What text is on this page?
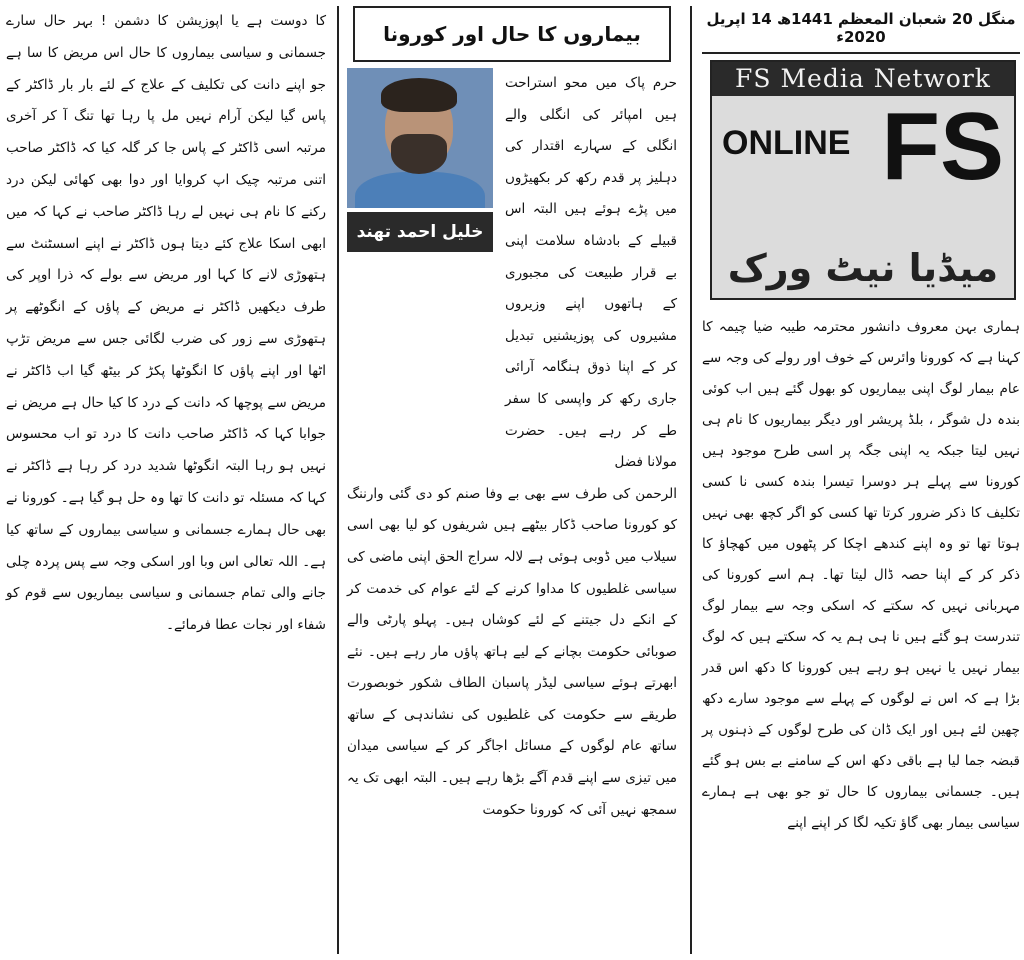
منگل 20 شعبان المعظم 1441ھ 14 اپریل 2020ء
FS Media Network
ONLINE FS
میڈیا نیٹ ورک

ہماری بہن معروف دانشور محترمہ طیبہ ضیا چیمہ کا کہنا ہے کہ کورونا وائرس کے خوف اور رولے کی وجہ سے عام بیمار لوگ اپنی بیماریوں کو بھول گئے ہیں اب کوئی بندہ دل شوگر ، بلڈ پریشر اور دیگر بیماریوں کا نام ہی نہیں لیتا جبکہ یہ اپنی جگہ پر اسی طرح موجود ہیں کورونا سے پہلے ہر دوسرا تیسرا بندہ کسی نا کسی تکلیف کا ذکر ضرور کرتا تھا کسی کو اگر کچھ بھی نہیں ہوتا تھا تو وہ اپنے کندھے اچکا کر پٹھوں میں کھچاؤ کا ذکر کر کے اپنا حصہ ڈال لیتا تھا۔ ہم اسے کورونا کی مہربانی نہیں کہ سکتے کہ اسکی وجہ سے بیمار لوگ تندرست ہو گئے ہیں نا ہی ہم یہ کہ سکتے ہیں کہ لوگ بیمار نہیں یا نہیں ہو رہے ہیں کورونا کا دکھ اس قدر بڑا ہے کہ اس نے لوگوں کے پہلے سے موجود سارے دکھ چھین لئے ہیں اور ایک ڈان کی طرح لوگوں کے ذہنوں پر قبضہ جما لیا ہے باقی دکھ اس کے سامنے بے بس ہو گئے ہیں۔ جسمانی بیماروں کا حال تو جو بھی ہے ہمارے سیاسی بیمار بھی گاؤ تکیہ لگا کر اپنے اپنے

بیماروں کا حال اور کورونا
خلیل احمد تھند

حرم پاک میں محو استراحت ہیں امپائر کی انگلی والے انگلی کے سہارے اقتدار کی دہلیز پر قدم رکھ کر بکھیڑوں میں پڑے ہوئے ہیں البتہ اس قبیلے کے بادشاہ سلامت اپنی بے قرار طبیعت کی مجبوری کے ہاتھوں اپنے وزیروں مشیروں کی پوزیشنیں تبدیل کر کے اپنا ذوق ہنگامہ آرائی جاری رکھ کر واپسی کا سفر طے کر رہے ہیں۔ حضرت مولانا فضل

الرحمن کی طرف سے بھی بے وفا صنم کو دی گئی وارننگ کو کورونا صاحب ڈکار بیٹھے ہیں شریفوں کو لیا بھی اسی سیلاب میں ڈوبی ہوئی ہے لالہ سراج الحق اپنی ماضی کی سیاسی غلطیوں کا مداوا کرنے کے لئے عوام کی خدمت کر کے انکے دل جیتنے کے لئے کوشاں ہیں۔ پہلو پارٹی والے صوبائی حکومت بچانے کے لیے ہاتھ پاؤں مار رہے ہیں۔ نئے ابھرتے ہوئے سیاسی لیڈر پاسبان الطاف شکور خوبصورت طریقے سے حکومت کی غلطیوں کی نشاندہی کے ساتھ ساتھ عام لوگوں کے مسائل اجاگر کر کے سیاسی میدان میں تیزی سے اپنے قدم آگے بڑھا رہے ہیں۔ البتہ ابھی تک یہ سمجھ نہیں آئی کہ کورونا حکومت

کا دوست ہے یا اپوزیشن کا دشمن ! بہر حال سارے جسمانی و سیاسی بیماروں کا حال اس مریض کا سا ہے جو اپنے دانت کی تکلیف کے علاج کے لئے بار بار ڈاکٹر کے پاس گیا لیکن آرام نہیں مل پا رہا تھا تنگ آ کر آخری مرتبہ اسی ڈاکٹر کے پاس جا کر گلہ کیا کہ ڈاکٹر صاحب اتنی مرتبہ چیک اپ کروایا اور دوا بھی کھائی لیکن درد رکنے کا نام ہی نہیں لے رہا ڈاکٹر صاحب نے کہا کہ میں ابھی اسکا علاج کئے دیتا ہوں ڈاکٹر نے اپنے اسسٹنٹ سے ہتھوڑی لانے کا کہا اور مریض سے بولے کہ ذرا اوپر کی طرف دیکھیں ڈاکٹر نے مریض کے پاؤں کے انگوٹھے پر ہتھوڑی سے زور کی ضرب لگائی جس سے مریض تڑپ اٹھا اور اپنے پاؤں کا انگوٹھا پکڑ کر بیٹھ گیا اب ڈاکٹر نے مریض سے پوچھا کہ دانت کے درد کا کیا حال ہے مریض نے جوابا کہا کہ ڈاکٹر صاحب دانت کا درد تو اب محسوس نہیں ہو رہا البتہ انگوٹھا شدید درد کر رہا ہے ڈاکٹر نے کہا کہ مسئلہ تو دانت کا تھا وہ حل ہو گیا ہے۔ کورونا نے بھی حال ہمارے جسمانی و سیاسی بیماروں کے ساتھ کیا ہے۔ اللہ تعالی اس وبا اور اسکی وجہ سے پس پردہ چلی جانے والی تمام جسمانی و سیاسی بیماریوں سے قوم کو شفاء اور نجات عطا فرمائے۔
